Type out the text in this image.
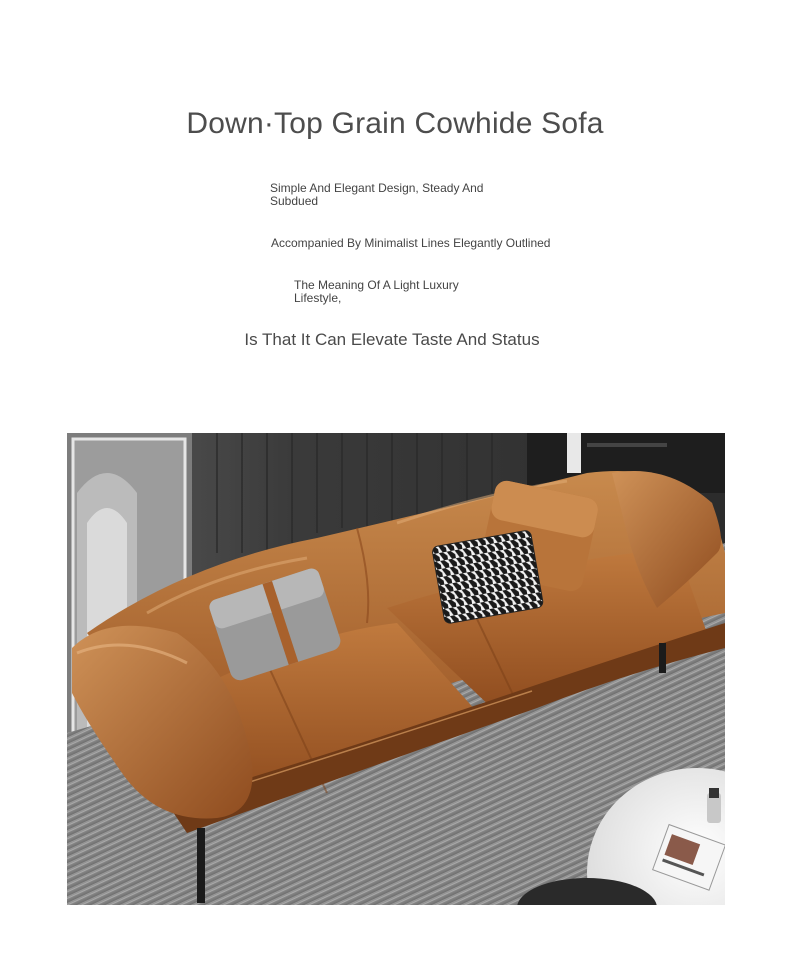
Down·Top Grain Cowhide Sofa
Simple And Elegant Design, Steady And Subdued
Accompanied By Minimalist Lines Elegantly Outlined
The Meaning Of A Light Luxury Lifestyle,
Is That It Can Elevate Taste And Status
